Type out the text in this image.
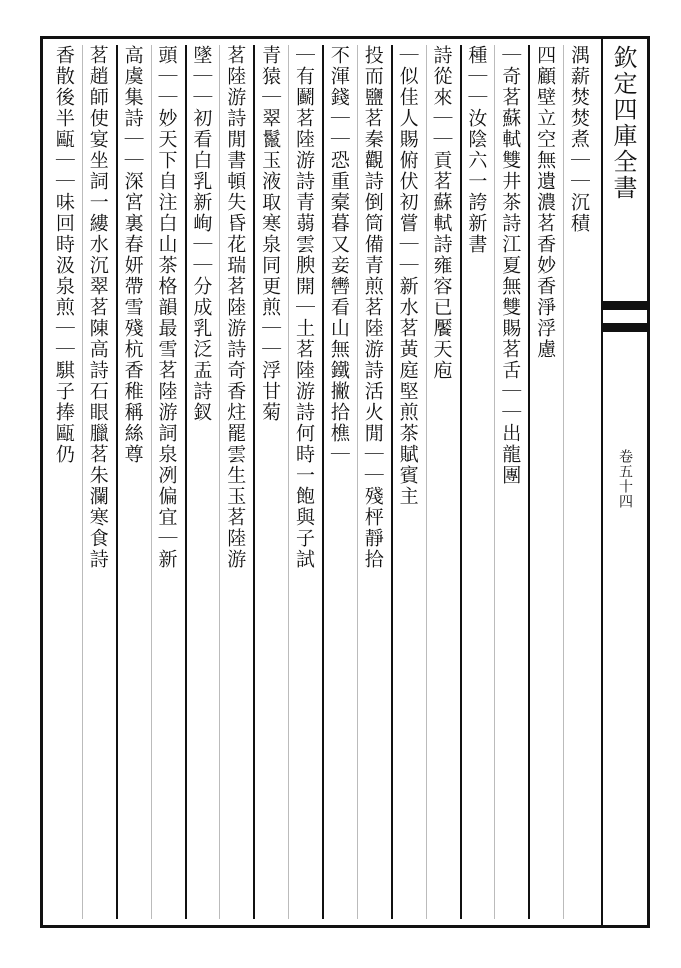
欽定四庫全書
卷五十四
湡薪焚焚煮｜｜沉積
四顧壁立空無遺濃茗香妙香淨浮慮
｜奇茗蘇軾雙井茶詩江夏無雙賜茗舌｜｜出龍團
種｜｜汝陰六一誇新書
詩從來｜｜貢茗蘇軾詩雍容已饜天庖
｜似佳人賜俯伏初嘗｜｜新水茗黃庭堅煎茶賦賓主
投而鹽茗秦觀詩倒筒備青煎茗陸游詩活火閒｜｜殘枰靜拾
不渾錢｜｜恐重槖暮又妾轡看山無鐵撇拾樵｜
｜有鬬茗陸游詩青蒻雲腴開｜土茗陸游詩何時一飽與子試
青猿｜翠鬣玉液取寒泉同更煎｜｜浮甘菊
茗陸游詩閒書頓失昏花瑞茗陸游詩奇香炷罷雲生玉茗陸游
墜｜｜初看白乳新峋｜｜分成乳泛盂詩釵
頭｜｜妙天下自注白山茶格韻最雪茗陸游詞泉冽偏宜｜新
高虞集詩｜｜深宮裏春妍帶雪殘杭香稚稱絲尊
茗趙師使宴坐詞一縷水沉翠茗陳高詩石眼臘茗朱瀾寒食詩
香散後半甌｜｜味回時汲泉煎｜｜騏子捧甌仍
